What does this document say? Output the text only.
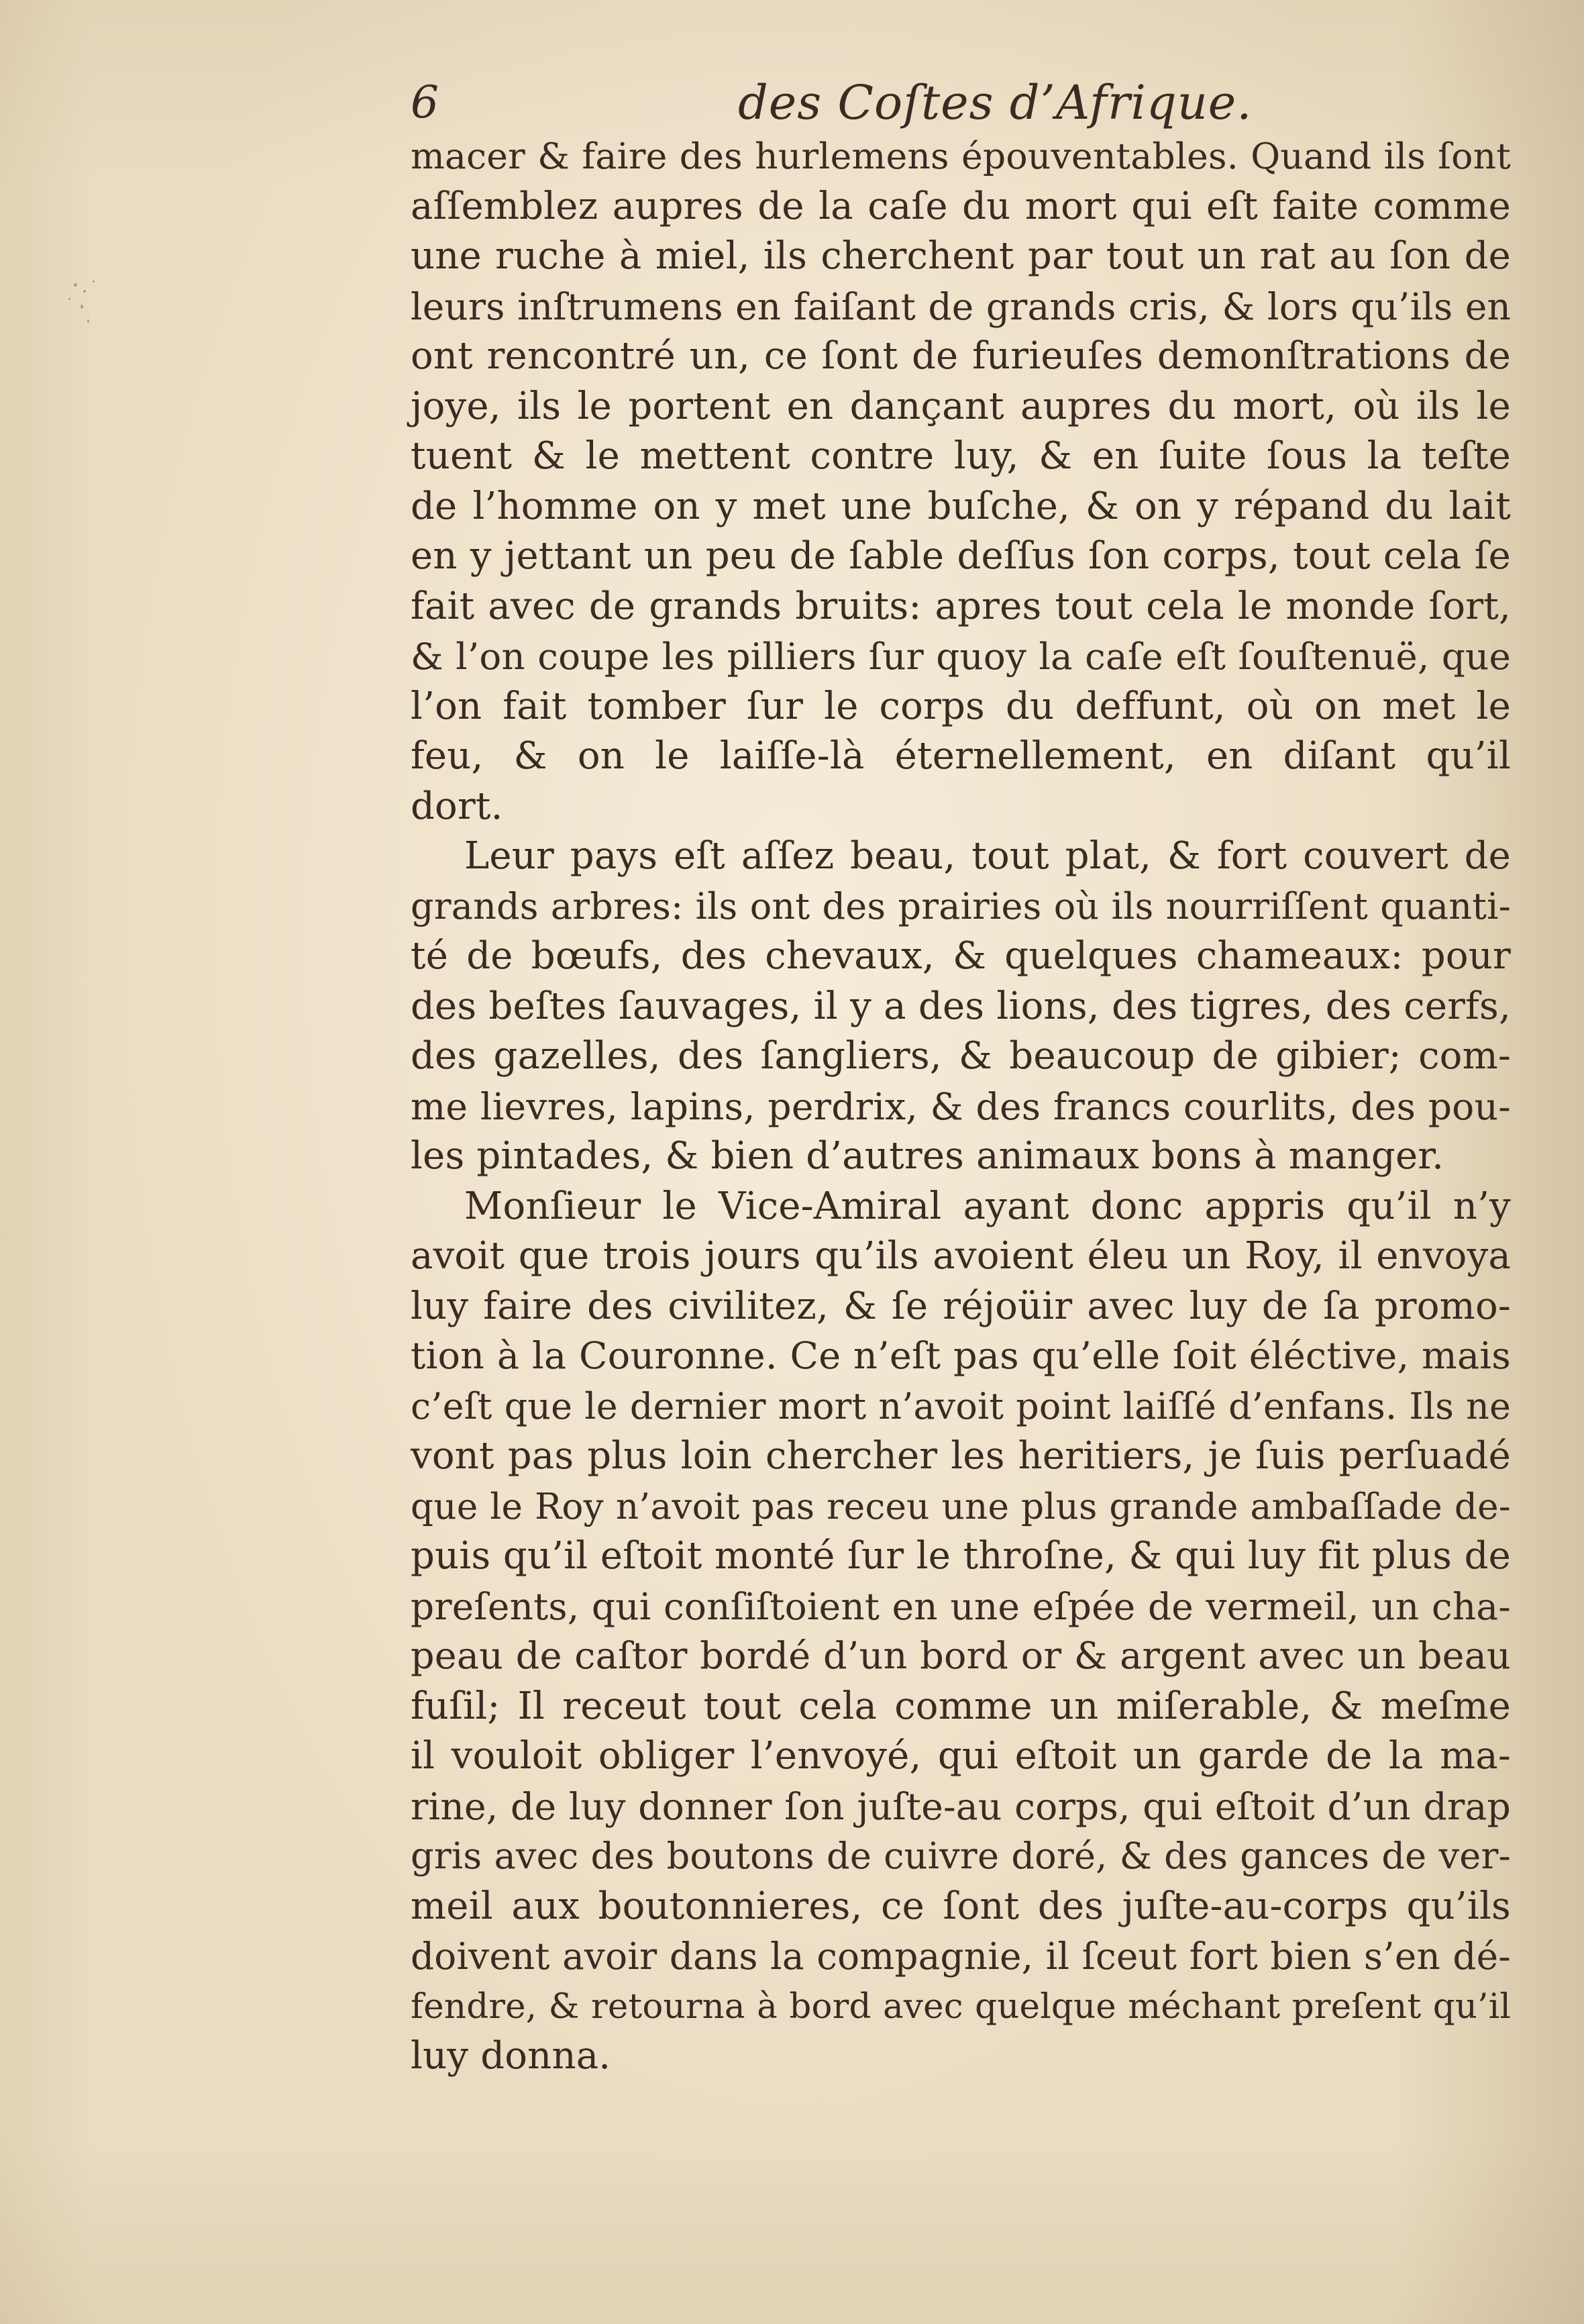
6	des Coſtes d’Afrique.
macer & faire des hurlemens épouventables. Quand ils ſont
aſſemblez aupres de la caſe du mort qui eſt faite comme
une ruche à miel, ils cherchent par tout un rat au ſon de
leurs inſtrumens en faiſant de grands cris, & lors qu’ils en
ont rencontré un, ce ſont de furieuſes demonſtrations de
joye, ils le portent en dançant aupres du mort, où ils le
tuent & le mettent contre luy, & en ſuite ſous la teſte
de l’homme on y met une buſche, & on y répand du lait
en y jettant un peu de ſable deſſus ſon corps, tout cela ſe
fait avec de grands bruits: apres tout cela le monde ſort,
& l’on coupe les pilliers ſur quoy la caſe eſt ſouſtenuë, que
l’on fait tomber ſur le corps du deffunt, où on met le
feu, & on le laiſſe-là éternellement, en diſant qu’il
dort.
Leur pays eſt aſſez beau, tout plat, & fort couvert de
grands arbres: ils ont des prairies où ils nourriſſent quanti-
té de bœufs, des chevaux, & quelques chameaux: pour
des beſtes ſauvages, il y a des lions, des tigres, des cerfs,
des gazelles, des ſangliers, & beaucoup de gibier; com-
me lievres, lapins, perdrix, & des francs courlits, des pou-
les pintades, & bien d’autres animaux bons à manger.
Monſieur le Vice-Amiral ayant donc appris qu’il n’y
avoit que trois jours qu’ils avoient éleu un Roy, il envoya
luy faire des civilitez, & ſe réjoüir avec luy de ſa promo-
tion à la Couronne. Ce n’eſt pas qu’elle ſoit éléctive, mais
c’eſt que le dernier mort n’avoit point laiſſé d’enfans. Ils ne
vont pas plus loin chercher les heritiers, je ſuis perſuadé
que le Roy n’avoit pas receu une plus grande ambaſſade de-
puis qu’il eſtoit monté ſur le throſne, & qui luy fit plus de
preſents, qui conſiſtoient en une eſpée de vermeil, un cha-
peau de caſtor bordé d’un bord or & argent avec un beau
fuſil; Il receut tout cela comme un miſerable, & meſme
il vouloit obliger l’envoyé, qui eſtoit un garde de la ma-
rine, de luy donner ſon juſte-au corps, qui eſtoit d’un drap
gris avec des boutons de cuivre doré, & des gances de ver-
meil aux boutonnieres, ce ſont des juſte-au-corps qu’ils
doivent avoir dans la compagnie, il ſceut fort bien s’en dé-
fendre, & retourna à bord avec quelque méchant preſent qu’il
luy donna.
